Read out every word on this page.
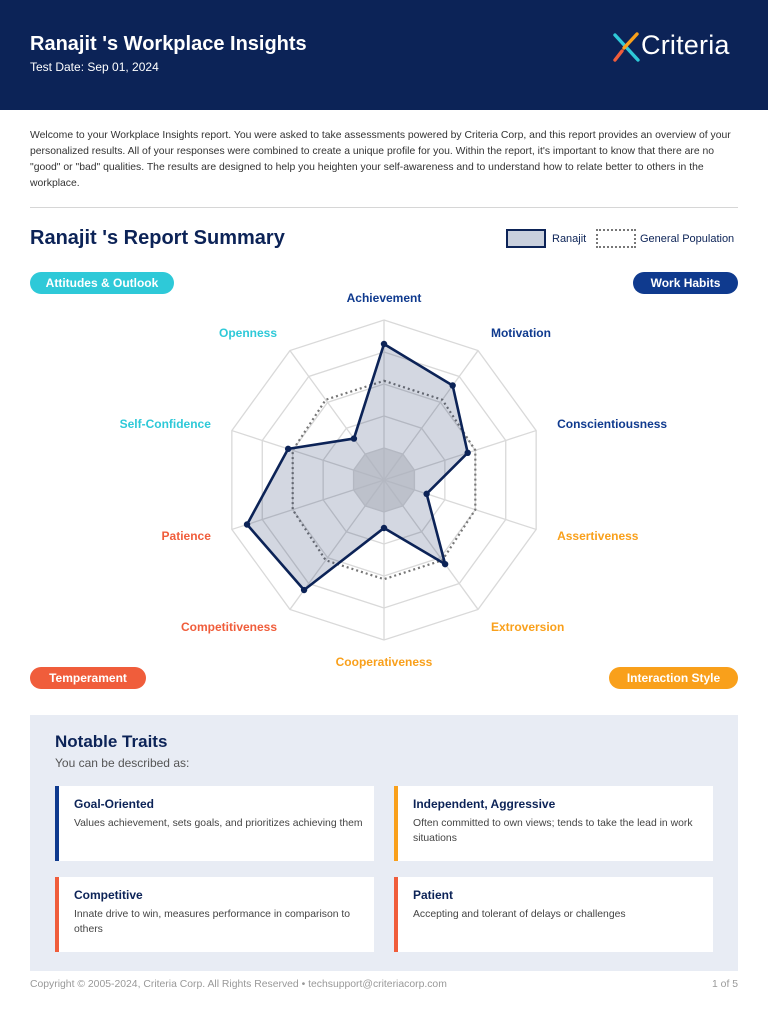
Ranajit 's Workplace Insights
Test Date: Sep 01, 2024
Criteria

Welcome to your Workplace Insights report. You were asked to take assessments powered by Criteria Corp, and this report provides an overview of your personalized results. All of your responses were combined to create a unique profile for you. Within the report, it's important to know that there are no "good" or "bad" qualities. The results are designed to help you heighten your self-awareness and to understand how to relate better to others in the workplace.

Ranajit 's Report Summary	Ranajit	General Population
Attitudes & Outlook	Work Habits
Temperament	Interaction Style
Achievement
Motivation
Conscientiousness
Assertiveness
Extroversion
Cooperativeness
Competitiveness
Patience
Self-Confidence
Openness
Notable Traits
You can be described as:
Goal-Oriented
Values achievement, sets goals, and prioritizes achieving them
Independent, Aggressive
Often committed to own views; tends to take the lead in work situations
Competitive
Innate drive to win, measures performance in comparison to others
Patient
Accepting and tolerant of delays or challenges
Copyright © 2005-2024, Criteria Corp. All Rights Reserved • techsupport@criteriacorp.com	1 of 5
